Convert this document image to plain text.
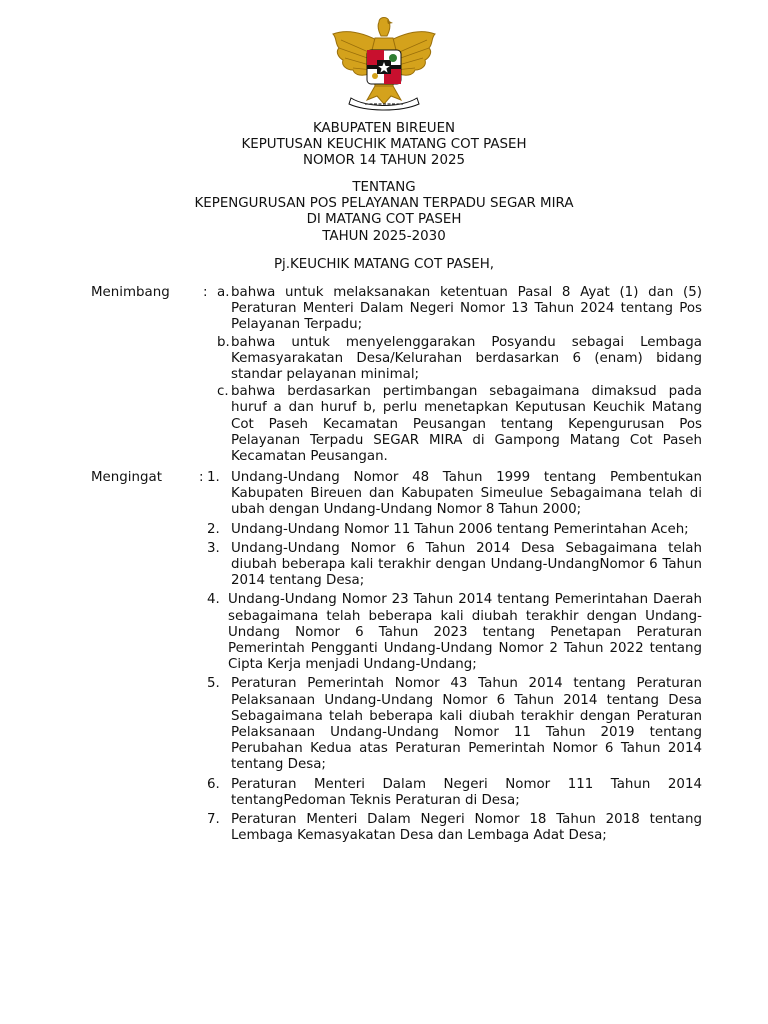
KABUPATEN BIREUEN
KEPUTUSAN KEUCHIK MATANG COT PASEH
NOMOR 14 TAHUN 2025
TENTANG
KEPENGURUSAN POS PELAYANAN TERPADU SEGAR MIRA
DI MATANG COT PASEH
TAHUN 2025-2030
Pj.KEUCHIK MATANG COT PASEH,
Menimbang : a. bahwa untuk melaksanakan ketentuan Pasal 8 Ayat (1) dan (5) Peraturan Menteri Dalam Negeri Nomor 13 Tahun 2024 tentang Pos Pelayanan Terpadu;
b. bahwa untuk menyelenggarakan Posyandu sebagai Lembaga Kemasyarakatan Desa/Kelurahan berdasarkan 6 (enam) bidang standar pelayanan minimal;
c. bahwa berdasarkan pertimbangan sebagaimana dimaksud pada huruf a dan huruf b, perlu menetapkan Keputusan Keuchik Matang Cot Paseh Kecamatan Peusangan tentang Kepengurusan Pos Pelayanan Terpadu SEGAR MIRA di Gampong Matang Cot Paseh Kecamatan Peusangan.
Mengingat	: 1. Undang-Undang Nomor 48 Tahun 1999 tentang Pembentukan Kabupaten Bireuen dan Kabupaten Simeulue Sebagaimana telah di ubah dengan Undang-Undang Nomor 8 Tahun 2000;
2. Undang-Undang Nomor 11 Tahun 2006 tentang Pemerintahan Aceh;
3. Undang-Undang Nomor 6 Tahun 2014 Desa Sebagaimana telah diubah beberapa kali terakhir dengan Undang-UndangNomor 6 Tahun 2014 tentang Desa;
4. Undang-Undang Nomor 23 Tahun 2014 tentang Pemerintahan Daerah sebagaimana telah beberapa kali diubah terakhir dengan Undang-Undang Nomor 6 Tahun 2023 tentang Penetapan Peraturan Pemerintah Pengganti Undang-Undang Nomor 2 Tahun 2022 tentang Cipta Kerja menjadi Undang-Undang;
5. Peraturan Pemerintah Nomor 43 Tahun 2014 tentang Peraturan Pelaksanaan Undang-Undang Nomor 6 Tahun 2014 tentang Desa Sebagaimana telah beberapa kali diubah terakhir dengan Peraturan Pelaksanaan Undang-Undang Nomor 11 Tahun 2019 tentang Perubahan Kedua atas Peraturan Pemerintah Nomor 6 Tahun 2014 tentang Desa;
6. Peraturan Menteri Dalam Negeri Nomor 111 Tahun 2014 tentangPedoman Teknis Peraturan di Desa;
7. Peraturan Menteri Dalam Negeri Nomor 18 Tahun 2018 tentang Lembaga Kemasyakatan Desa dan Lembaga Adat Desa;
